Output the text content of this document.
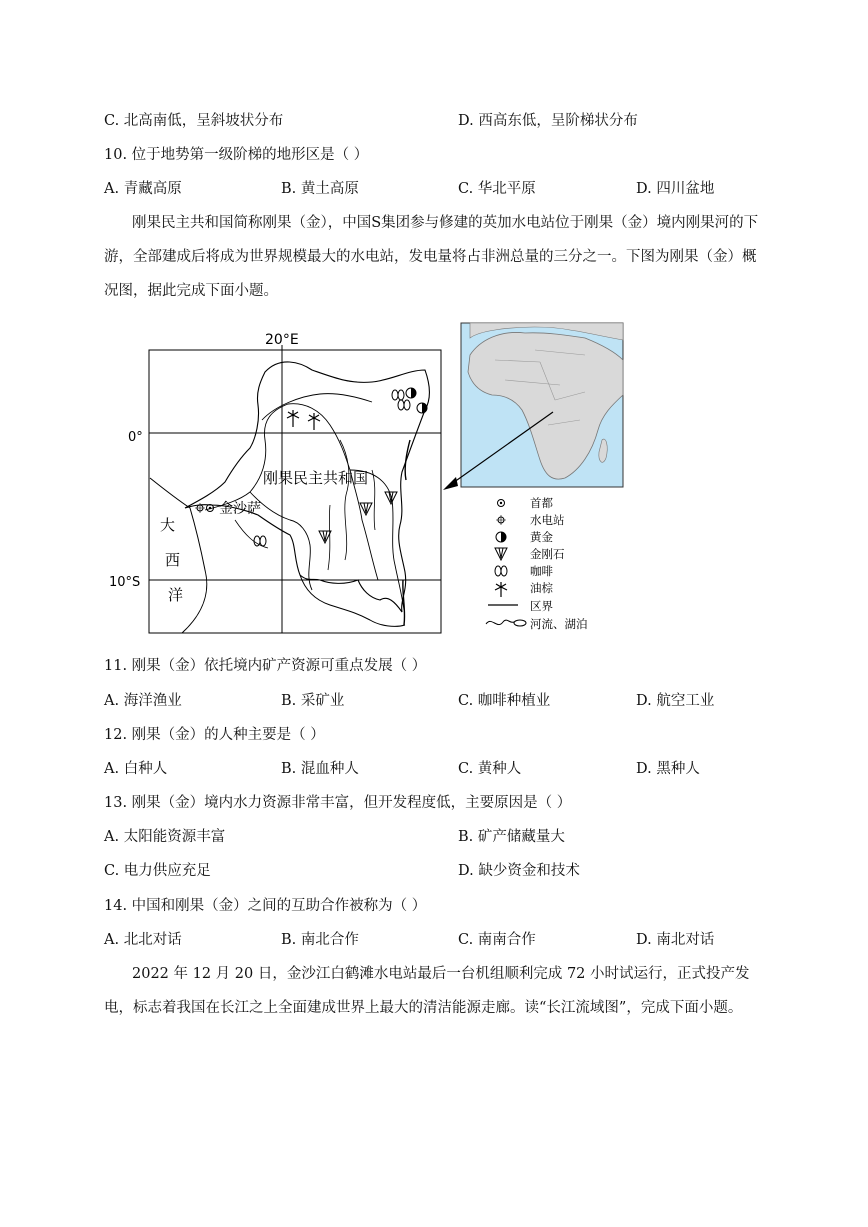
C. 北高南低，呈斜坡状分布	D. 西高东低，呈阶梯状分布
10. 位于地势第一级阶梯的地形区是（ ）
A. 青藏高原	B. 黄土高原	C. 华北平原	D. 四川盆地
刚果民主共和国简称刚果（金），中国S集团参与修建的英加水电站位于刚果（金）境内刚果河的下游，全部建成后将成为世界规模最大的水电站，发电量将占非洲总量的三分之一。下图为刚果（金）概况图，据此完成下面小题。
20°E
0°
10°S
刚果民主共和国
金沙萨
大
西
洋
首都
水电站
黄金
金刚石
咖啡
油棕
区界
河流、湖泊
11. 刚果（金）依托境内矿产资源可重点发展（ ）
A. 海洋渔业	B. 采矿业	C. 咖啡种植业	D. 航空工业
12. 刚果（金）的人种主要是（ ）
A. 白种人	B. 混血种人	C. 黄种人	D. 黑种人
13. 刚果（金）境内水力资源非常丰富，但开发程度低，主要原因是（ ）
A. 太阳能资源丰富	B. 矿产储藏量大
C. 电力供应充足	D. 缺少资金和技术
14. 中国和刚果（金）之间的互助合作被称为（ ）
A. 北北对话	B. 南北合作	C. 南南合作	D. 南北对话
2022 年 12 月 20 日，金沙江白鹤滩水电站最后一台机组顺利完成 72 小时试运行，正式投产发电，标志着我国在长江之上全面建成世界上最大的清洁能源走廊。读“长江流域图”，完成下面小题。
